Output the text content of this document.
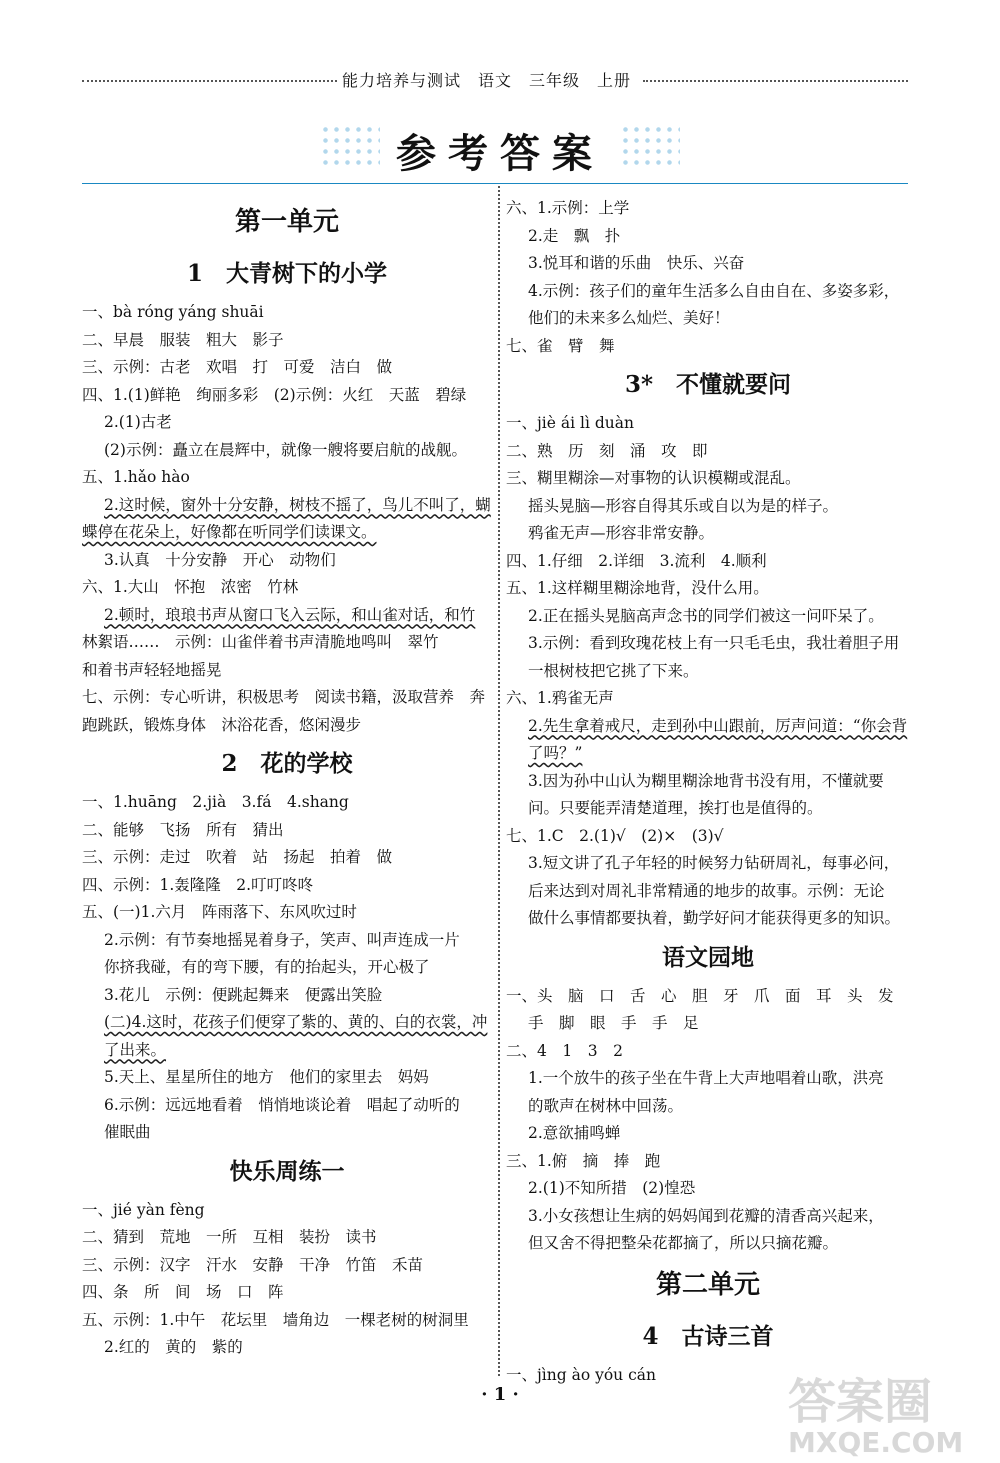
能力培养与测试　语文　三年级　上册
参考答案
第一单元
1　大青树下的小学
一、bà róng yáng shuāi
二、早晨　服装　粗大　影子
三、示例：古老　欢唱　打　可爱　洁白　做
四、1.(1)鲜艳　绚丽多彩　(2)示例：火红　天蓝　碧绿
2.(1)古老
(2)示例：矗立在晨辉中，就像一艘将要启航的战舰。
五、1.hǎo hào
2.这时候，窗外十分安静，树枝不摇了，鸟儿不叫了，蝴
蝶停在花朵上，好像都在听同学们读课文。
3.认真　十分安静　开心　动物们
六、1.大山　怀抱　浓密　竹林
2.顿时，琅琅书声从窗口飞入云际，和山雀对话，和竹
林絮语……　示例：山雀伴着书声清脆地鸣叫　翠竹
和着书声轻轻地摇晃
七、示例：专心听讲，积极思考　阅读书籍，汲取营养　奔
跑跳跃，锻炼身体　沐浴花香，悠闲漫步
2　花的学校
一、1.huāng　2.jià　3.fá　4.shang
二、能够　飞扬　所有　猜出
三、示例：走过　吹着　站　扬起　拍着　做
四、示例：1.轰隆隆　2.叮叮咚咚
五、(一)1.六月　阵雨落下、东风吹过时
2.示例：有节奏地摇晃着身子，笑声、叫声连成一片
你挤我碰，有的弯下腰，有的抬起头，开心极了
3.花儿　示例：便跳起舞来　便露出笑脸
(二)4.这时，花孩子们便穿了紫的、黄的、白的衣裳，冲
了出来。
5.天上、星星所住的地方　他们的家里去　妈妈
6.示例：远远地看着　悄悄地谈论着　唱起了动听的
催眠曲
快乐周练一
一、jié yàn fèng
二、猜到　荒地　一所　互相　装扮　读书
三、示例：汉字　汗水　安静　干净　竹笛　禾苗
四、条　所　间　场　口　阵
五、示例：1.中午　花坛里　墙角边　一棵老树的树洞里
2.红的　黄的　紫的
六、1.示例：上学
2.走　飘　扑
3.悦耳和谐的乐曲　快乐、兴奋
4.示例：孩子们的童年生活多么自由自在、多姿多彩，
他们的未来多么灿烂、美好！
七、雀　臂　舞
3*　不懂就要问
一、jiè ái lì duàn
二、熟　历　刻　涌　攻　即
三、糊里糊涂—对事物的认识模糊或混乱。
摇头晃脑—形容自得其乐或自以为是的样子。
鸦雀无声—形容非常安静。
四、1.仔细　2.详细　3.流利　4.顺利
五、1.这样糊里糊涂地背，没什么用。
2.正在摇头晃脑高声念书的同学们被这一问吓呆了。
3.示例：看到玫瑰花枝上有一只毛毛虫，我壮着胆子用
一根树枝把它挑了下来。
六、1.鸦雀无声
2.先生拿着戒尺，走到孙中山跟前，厉声问道：“你会背
了吗？”
3.因为孙中山认为糊里糊涂地背书没有用，不懂就要
问。只要能弄清楚道理，挨打也是值得的。
七、1.C　2.(1)√　(2)×　(3)√
3.短文讲了孔子年轻的时候努力钻研周礼，每事必问，
后来达到对周礼非常精通的地步的故事。示例：无论
做什么事情都要执着，勤学好问才能获得更多的知识。
语文园地
一、头　脑　口　舌　心　胆　牙　爪　面　耳　头　发
手　脚　眼　手　手　足
二、4　1　3　2
1.一个放牛的孩子坐在牛背上大声地唱着山歌，洪亮
的歌声在树林中回荡。
2.意欲捕鸣蝉
三、1.俯　摘　捧　跑
2.(1)不知所措　(2)惶恐
3.小女孩想让生病的妈妈闻到花瓣的清香高兴起来，
但又舍不得把整朵花都摘了，所以只摘花瓣。
第二单元
4　古诗三首
一、jìng ào yóu cán
· 1 ·	答案圈
MXQE.COM
